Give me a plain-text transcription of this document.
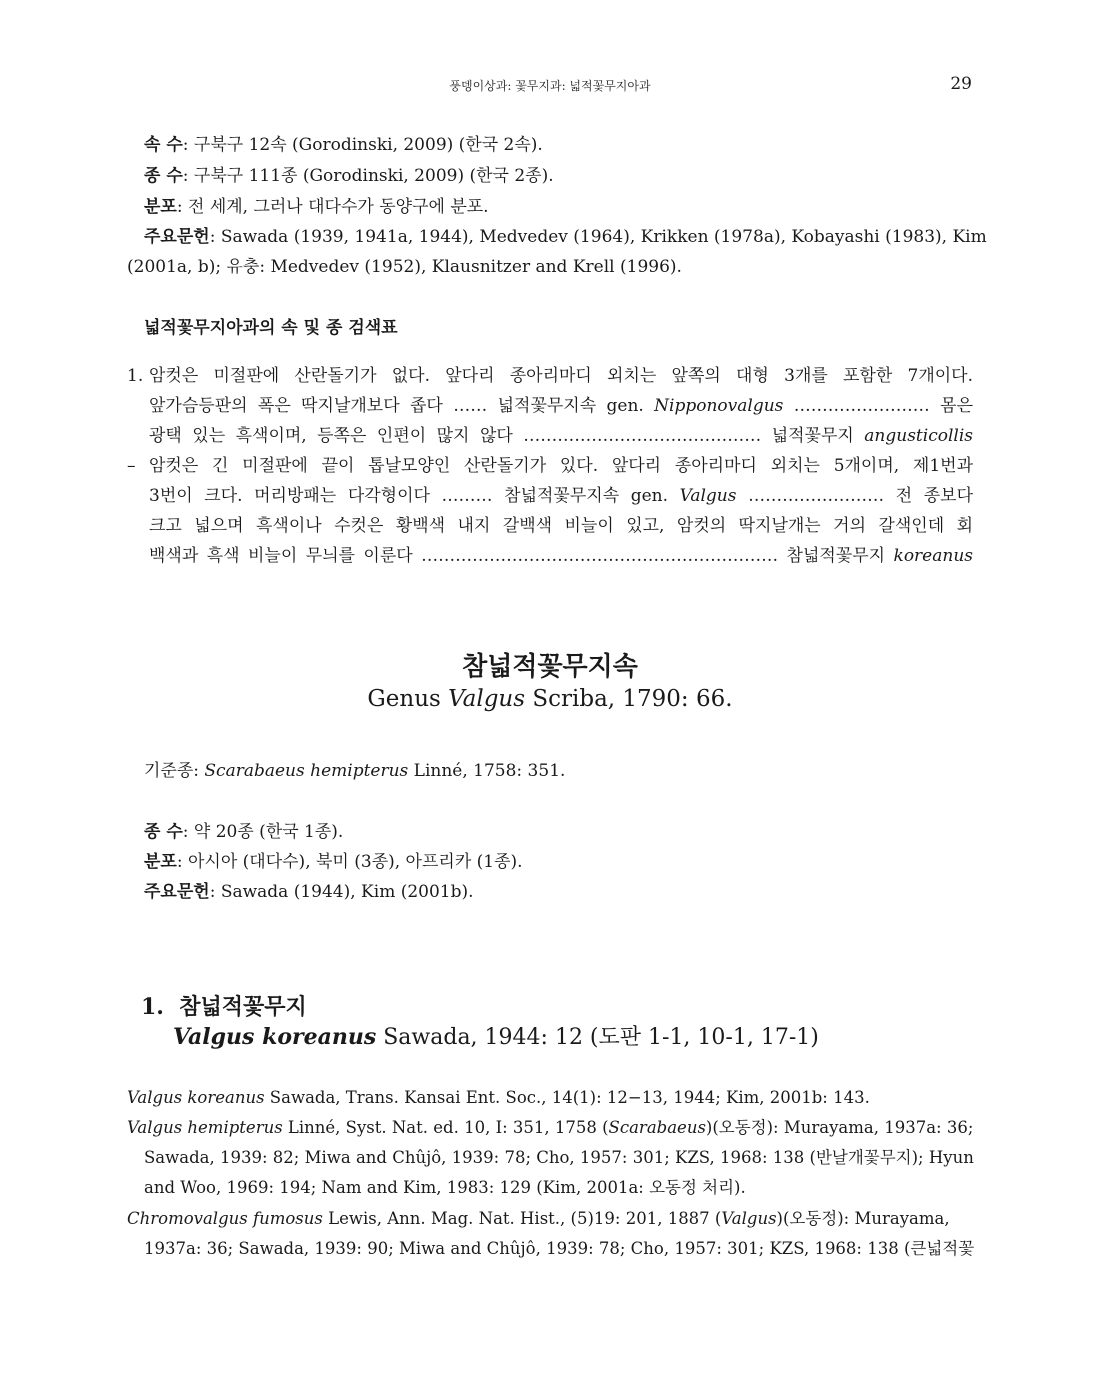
풍뎅이상과: 꽃무지과: 넓적꽃무지아과	29
속 수: 구북구 12속 (Gorodinski, 2009) (한국 2속).
종 수: 구북구 111종 (Gorodinski, 2009) (한국 2종).
분포: 전 세계, 그러나 대다수가 동양구에 분포.
주요문헌: Sawada (1939, 1941a, 1944), Medvedev (1964), Krikken (1978a), Kobayashi (1983), Kim
(2001a, b); 유충: Medvedev (1952), Klausnitzer and Krell (1996).
넓적꽃무지아과의 속 및 종 검색표
1. 암컷은 미절판에 산란돌기가 없다. 앞다리 종아리마디 외치는 앞쪽의 대형 3개를 포함한 7개이다.
앞가슴등판의 폭은 딱지날개보다 좁다 …… 넓적꽃무지속 gen. Nipponovalgus …………………… 몸은
광택 있는 흑색이며, 등쪽은 인편이 많지 않다 …………………………………… 넓적꽃무지 angusticollis
– 암컷은 긴 미절판에 끝이 톱날모양인 산란돌기가 있다. 앞다리 종아리마디 외치는 5개이며, 제1번과
3번이 크다. 머리방패는 다각형이다 ……… 참넓적꽃무지속 gen. Valgus …………………… 전 종보다
크고 넓으며 흑색이나 수컷은 황백색 내지 갈백색 비늘이 있고, 암컷의 딱지날개는 거의 갈색인데 회
백색과 흑색 비늘이 무늬를 이룬다 ……………………………………………………… 참넓적꽃무지 koreanus
참넓적꽃무지속
Genus Valgus Scriba, 1790: 66.
기준종: Scarabaeus hemipterus Linné, 1758: 351.
종 수: 약 20종 (한국 1종).
분포: 아시아 (대다수), 북미 (3종), 아프리카 (1종).
주요문헌: Sawada (1944), Kim (2001b).
1. 참넓적꽃무지
Valgus koreanus Sawada, 1944: 12 (도판 1-1, 10-1, 17-1)
Valgus koreanus Sawada, Trans. Kansai Ent. Soc., 14(1): 12−13, 1944; Kim, 2001b: 143.
Valgus hemipterus Linné, Syst. Nat. ed. 10, I: 351, 1758 (Scarabaeus)(오동정): Murayama, 1937a: 36;
Sawada, 1939: 82; Miwa and Chûjô, 1939: 78; Cho, 1957: 301; KZS, 1968: 138 (반날개꽃무지); Hyun
and Woo, 1969: 194; Nam and Kim, 1983: 129 (Kim, 2001a: 오동정 처리).
Chromovalgus fumosus Lewis, Ann. Mag. Nat. Hist., (5)19: 201, 1887 (Valgus)(오동정): Murayama,
1937a: 36; Sawada, 1939: 90; Miwa and Chûjô, 1939: 78; Cho, 1957: 301; KZS, 1968: 138 (큰넓적꽃
